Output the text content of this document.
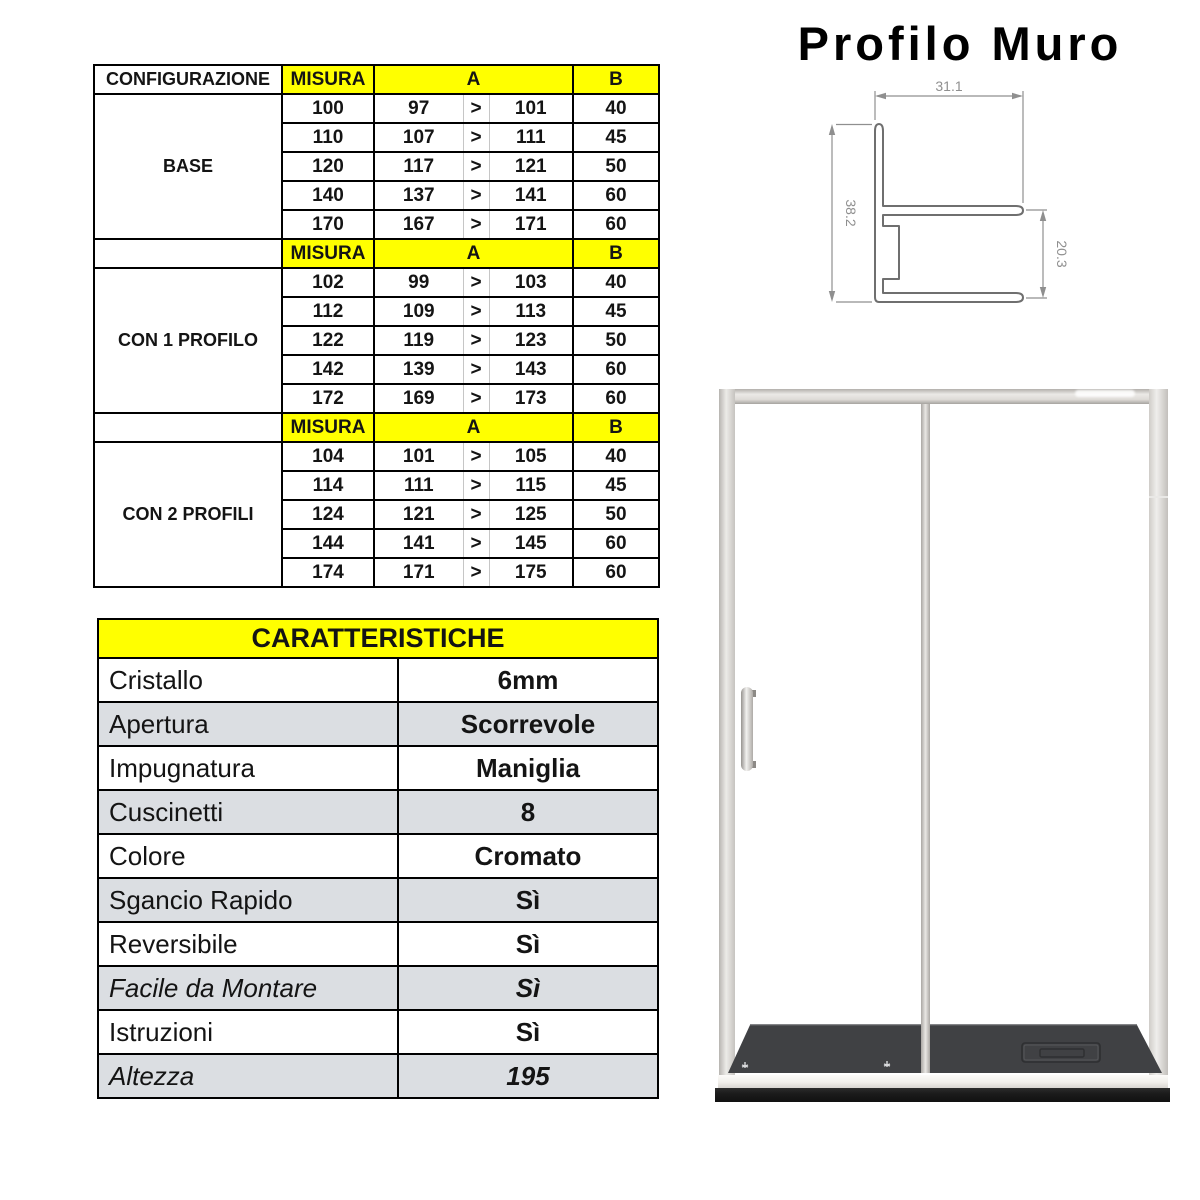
CONFIGURAZIONE	MISURA	A			B
BASE	100	97	>	101	40
	110	107	>	111	45
	120	117	>	121	50
	140	137	>	141	60
	170	167	>	171	60
	MISURA	A			B
CON 1 PROFILO	102	99	>	103	40
	112	109	>	113	45
	122	119	>	123	50
	142	139	>	143	60
	172	169	>	173	60
	MISURA	A			B
CON 2 PROFILI	104	101	>	105	40
	114	111	>	115	45
	124	121	>	125	50
	144	141	>	145	60
	174	171	>	175	60
Profilo Muro
31.1
38.2
20.3
CARATTERISTICHE	
Cristallo	6mm
Apertura	Scorrevole
Impugnatura	Maniglia
Cuscinetti	8
Colore	Cromato
Sgancio Rapido	Sì
Reversibile	Sì
Facile da Montare	Sì
Istruzioni	Sì
Altezza	195
